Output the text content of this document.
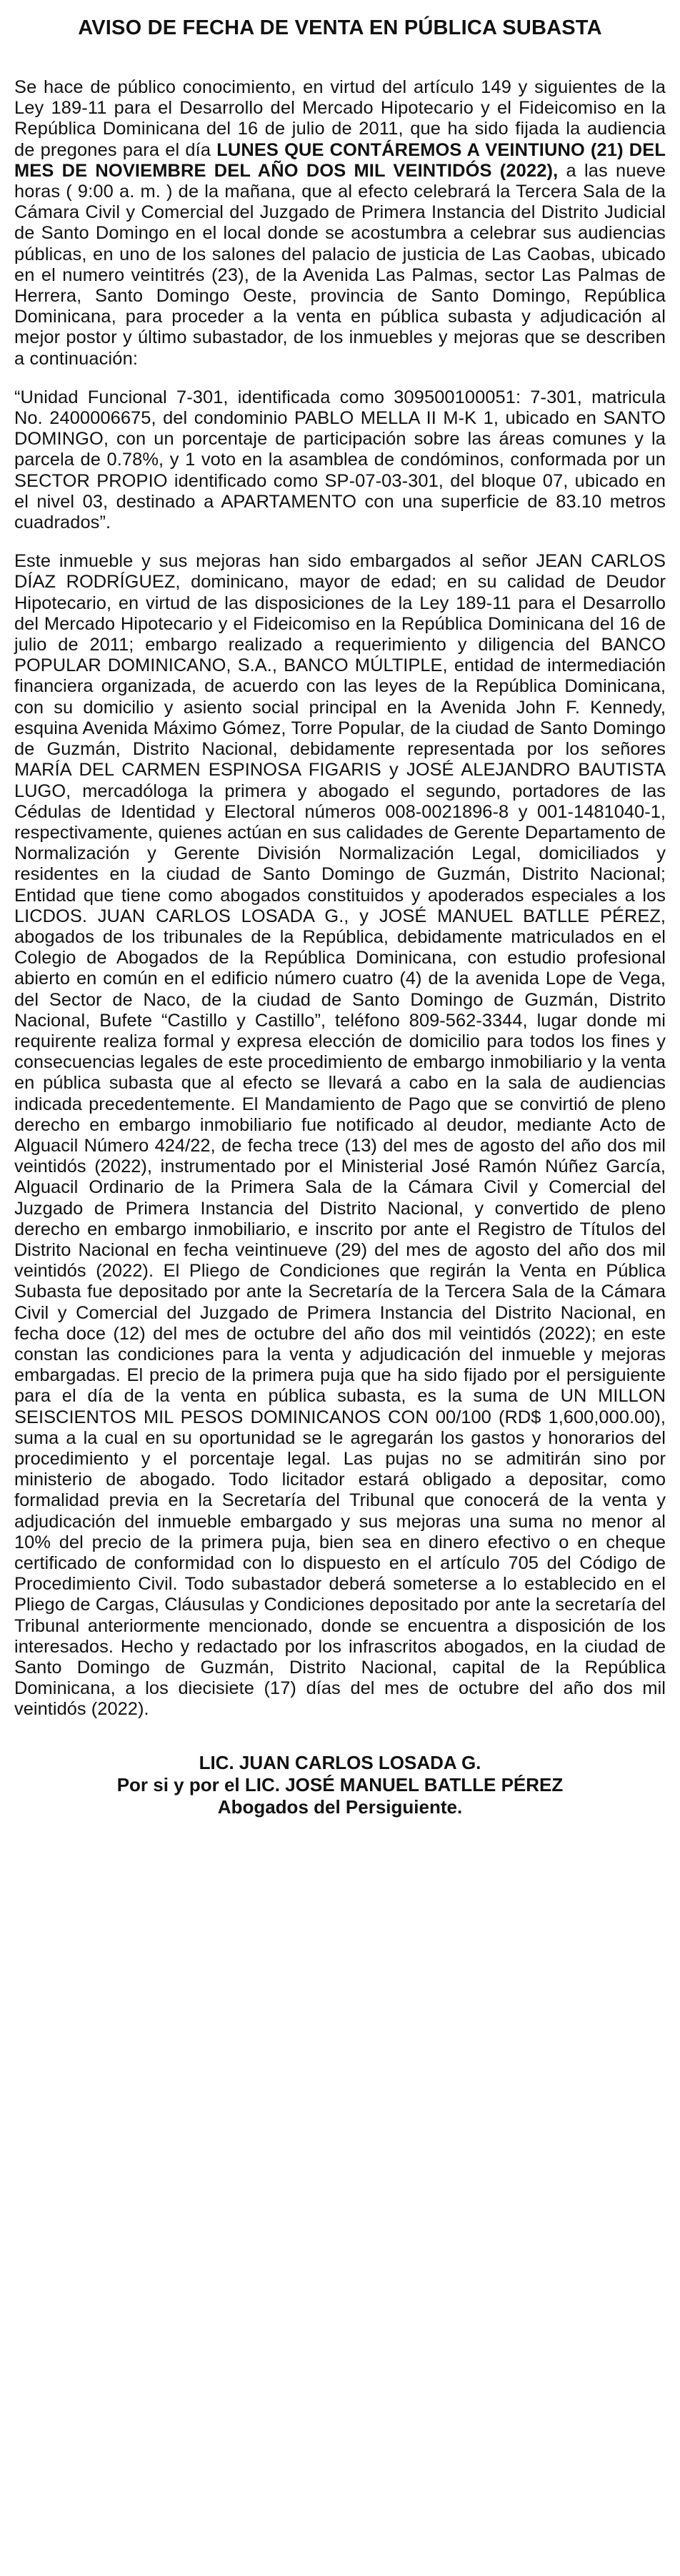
AVISO DE FECHA DE VENTA EN PÚBLICA SUBASTA

Se hace de público conocimiento, en virtud del artículo 149 y siguientes de la Ley 189-11 para el Desarrollo del Mercado Hipotecario y el Fideicomiso en la República Dominicana del 16 de julio de 2011, que ha sido fijada la audiencia de pregones para el día LUNES QUE CONTÁREMOS A VEINTIUNO (21) DEL MES DE NOVIEMBRE DEL AÑO DOS MIL VEINTIDÓS (2022), a las nueve horas ( 9:00 a. m. ) de la mañana, que al efecto celebrará la Tercera Sala de la Cámara Civil y Comercial del Juzgado de Primera Instancia del Distrito Judicial de Santo Domingo en el local donde se acostumbra a celebrar sus audiencias públicas, en uno de los salones del palacio de justicia de Las Caobas, ubicado en el numero veintitrés (23), de la Avenida Las Palmas, sector Las Palmas de Herrera, Santo Domingo Oeste, provincia de Santo Domingo, República Dominicana, para proceder a la venta en pública subasta y adjudicación al mejor postor y último subastador, de los inmuebles y mejoras que se describen a continuación:

“Unidad Funcional 7-301, identificada como 309500100051: 7-301, matricula No. 2400006675, del condominio PABLO MELLA II M-K 1, ubicado en SANTO DOMINGO, con un porcentaje de participación sobre las áreas comunes y la parcela de 0.78%, y 1 voto en la asamblea de condóminos, conformada por un SECTOR PROPIO identificado como SP-07-03-301, del bloque 07, ubicado en el nivel 03, destinado a APARTAMENTO con una superficie de 83.10 metros cuadrados”.

Este inmueble y sus mejoras han sido embargados al señor JEAN CARLOS DÍAZ RODRÍGUEZ, dominicano, mayor de edad; en su calidad de Deudor Hipotecario, en virtud de las disposiciones de la Ley 189-11 para el Desarrollo del Mercado Hipotecario y el Fideicomiso en la República Dominicana del 16 de julio de 2011; embargo realizado a requerimiento y diligencia del BANCO POPULAR DOMINICANO, S.A., BANCO MÚLTIPLE, entidad de intermediación financiera organizada, de acuerdo con las leyes de la República Dominicana, con su domicilio y asiento social principal en la Avenida John F. Kennedy, esquina Avenida Máximo Gómez, Torre Popular, de la ciudad de Santo Domingo de Guzmán, Distrito Nacional, debidamente representada por los señores MARÍA DEL CARMEN ESPINOSA FIGARIS y JOSÉ ALEJANDRO BAUTISTA LUGO, mercadóloga la primera y abogado el segundo, portadores de las Cédulas de Identidad y Electoral números 008-0021896-8 y 001-1481040-1, respectivamente, quienes actúan en sus calidades de Gerente Departamento de Normalización y Gerente División Normalización Legal, domiciliados y residentes en la ciudad de Santo Domingo de Guzmán, Distrito Nacional; Entidad que tiene como abogados constituidos y apoderados especiales a los LICDOS. JUAN CARLOS LOSADA G., y JOSÉ MANUEL BATLLE PÉREZ, abogados de los tribunales de la República, debidamente matriculados en el Colegio de Abogados de la República Dominicana, con estudio profesional abierto en común en el edificio número cuatro (4) de la avenida Lope de Vega, del Sector de Naco, de la ciudad de Santo Domingo de Guzmán, Distrito Nacional, Bufete “Castillo y Castillo”, teléfono 809-562-3344, lugar donde mi requirente realiza formal y expresa elección de domicilio para todos los fines y consecuencias legales de este procedimiento de embargo inmobiliario y la venta en pública subasta que al efecto se llevará a cabo en la sala de audiencias indicada precedentemente. El Mandamiento de Pago que se convirtió de pleno derecho en embargo inmobiliario fue notificado al deudor, mediante Acto de Alguacil Número 424/22, de fecha trece (13) del mes de agosto del año dos mil veintidós (2022), instrumentado por el Ministerial José Ramón Núñez García, Alguacil Ordinario de la Primera Sala de la Cámara Civil y Comercial del Juzgado de Primera Instancia del Distrito Nacional, y convertido de pleno derecho en embargo inmobiliario, e inscrito por ante el Registro de Títulos del Distrito Nacional en fecha veintinueve (29) del mes de agosto del año dos mil veintidós (2022). El Pliego de Condiciones que regirán la Venta en Pública Subasta fue depositado por ante la Secretaría de la Tercera Sala de la Cámara Civil y Comercial del Juzgado de Primera Instancia del Distrito Nacional, en fecha doce (12) del mes de octubre del año dos mil veintidós (2022); en este constan las condiciones para la venta y adjudicación del inmueble y mejoras embargadas. El precio de la primera puja que ha sido fijado por el persiguiente para el día de la venta en pública subasta, es la suma de UN MILLON SEISCIENTOS MIL PESOS DOMINICANOS CON 00/100 (RD$ 1,600,000.00), suma a la cual en su oportunidad se le agregarán los gastos y honorarios del procedimiento y el porcentaje legal. Las pujas no se admitirán sino por ministerio de abogado. Todo licitador estará obligado a depositar, como formalidad previa en la Secretaría del Tribunal que conocerá de la venta y adjudicación del inmueble embargado y sus mejoras una suma no menor al 10% del precio de la primera puja, bien sea en dinero efectivo o en cheque certificado de conformidad con lo dispuesto en el artículo 705 del Código de Procedimiento Civil. Todo subastador deberá someterse a lo establecido en el Pliego de Cargas, Cláusulas y Condiciones depositado por ante la secretaría del Tribunal anteriormente mencionado, donde se encuentra a disposición de los interesados. Hecho y redactado por los infrascritos abogados, en la ciudad de Santo Domingo de Guzmán, Distrito Nacional, capital de la República Dominicana, a los diecisiete (17) días del mes de octubre del año dos mil veintidós (2022).

LIC. JUAN CARLOS LOSADA G.
Por si y por el LIC. JOSÉ MANUEL BATLLE PÉREZ
Abogados del Persiguiente.
